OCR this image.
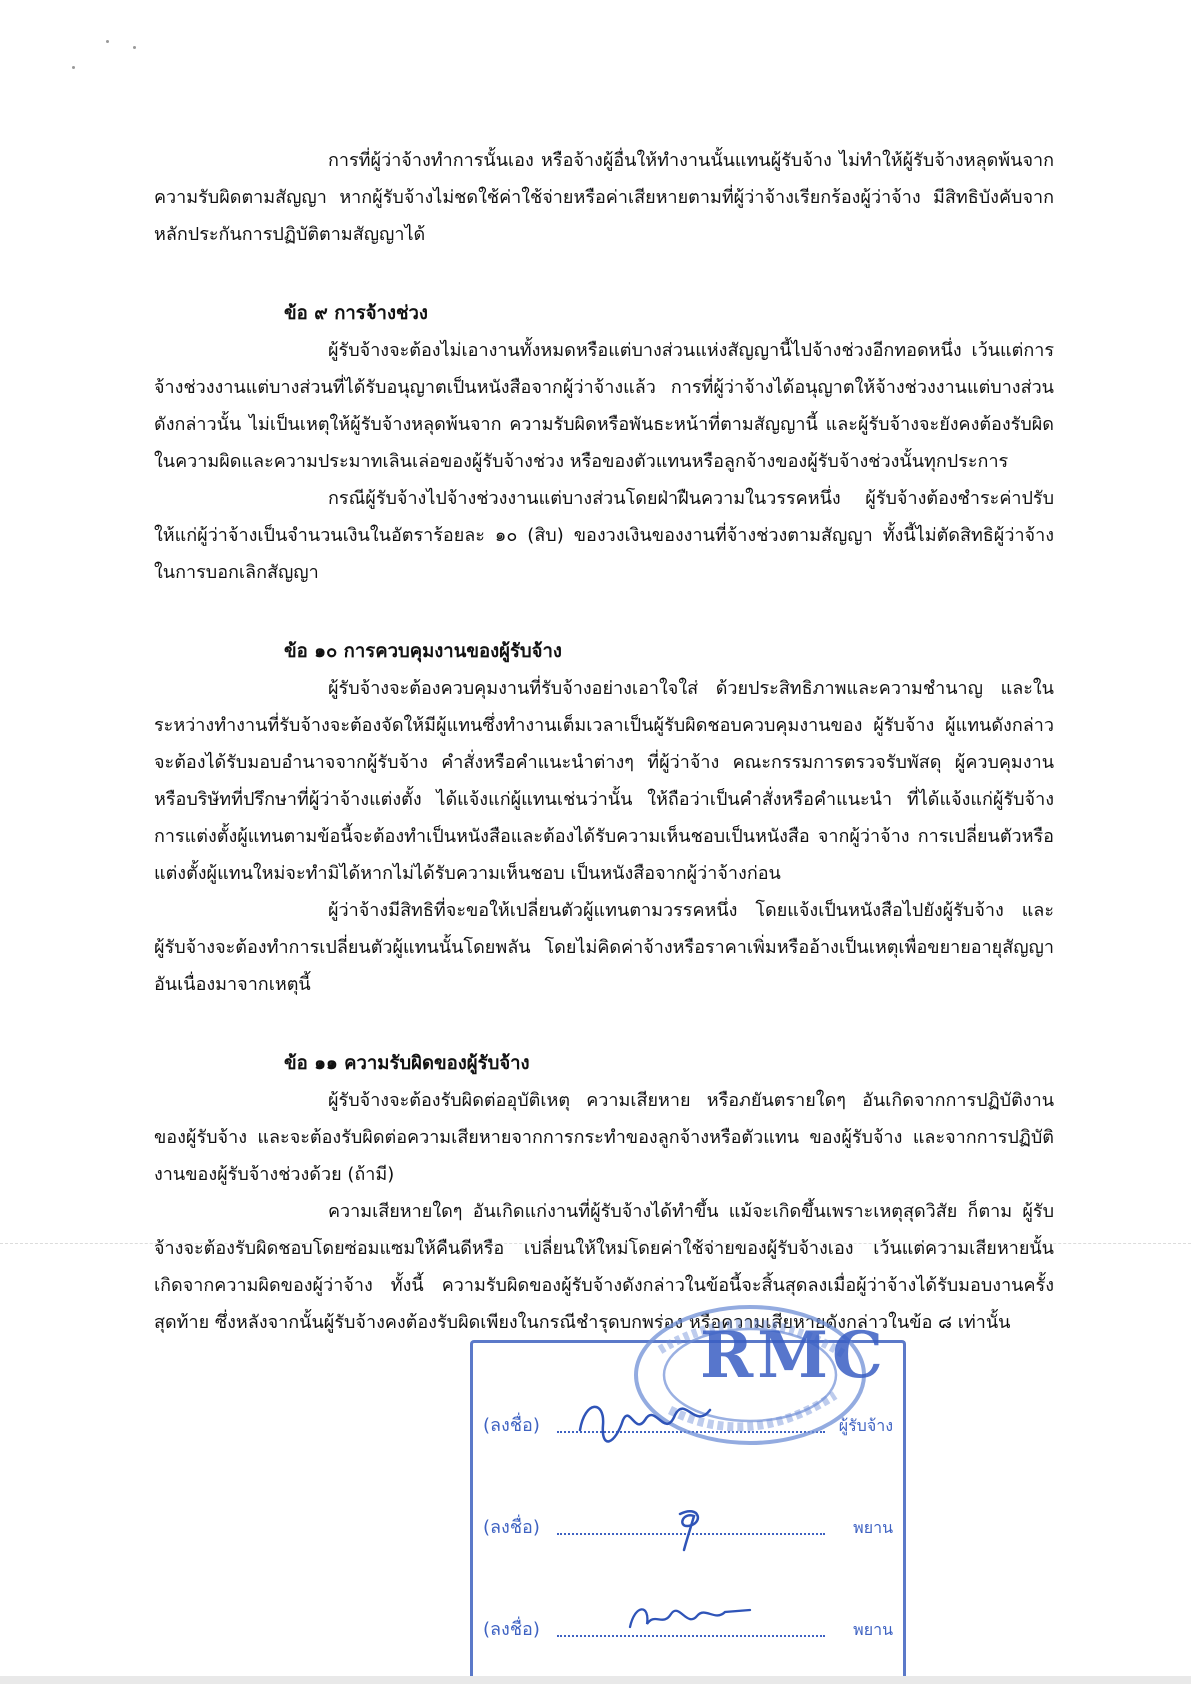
การที่ผู้ว่าจ้างทำการนั้นเอง หรือจ้างผู้อื่นให้ทำงานนั้นแทนผู้รับจ้าง ไม่ทำให้ผู้รับจ้างหลุดพ้นจากความรับผิดตามสัญญา หากผู้รับจ้างไม่ชดใช้ค่าใช้จ่ายหรือค่าเสียหายตามที่ผู้ว่าจ้างเรียกร้องผู้ว่าจ้าง มีสิทธิบังคับจากหลักประกันการปฏิบัติตามสัญญาได้

ข้อ ๙ การจ้างช่วง

ผู้รับจ้างจะต้องไม่เอางานทั้งหมดหรือแต่บางส่วนแห่งสัญญานี้ไปจ้างช่วงอีกทอดหนึ่ง เว้นแต่การจ้างช่วงงานแต่บางส่วนที่ได้รับอนุญาตเป็นหนังสือจากผู้ว่าจ้างแล้ว การที่ผู้ว่าจ้างได้อนุญาตให้จ้างช่วงงานแต่บางส่วนดังกล่าวนั้น ไม่เป็นเหตุให้ผู้รับจ้างหลุดพ้นจาก ความรับผิดหรือพันธะหน้าที่ตามสัญญานี้ และผู้รับจ้างจะยังคงต้องรับผิดในความผิดและความประมาทเลินเล่อของผู้รับจ้างช่วง หรือของตัวแทนหรือลูกจ้างของผู้รับจ้างช่วงนั้นทุกประการ

กรณีผู้รับจ้างไปจ้างช่วงงานแต่บางส่วนโดยฝ่าฝืนความในวรรคหนึ่ง ผู้รับจ้างต้องชำระค่าปรับให้แก่ผู้ว่าจ้างเป็นจำนวนเงินในอัตราร้อยละ ๑๐ (สิบ) ของวงเงินของงานที่จ้างช่วงตามสัญญา ทั้งนี้ไม่ตัดสิทธิผู้ว่าจ้างในการบอกเลิกสัญญา

ข้อ ๑๐ การควบคุมงานของผู้รับจ้าง

ผู้รับจ้างจะต้องควบคุมงานที่รับจ้างอย่างเอาใจใส่ ด้วยประสิทธิภาพและความชำนาญ และในระหว่างทำงานที่รับจ้างจะต้องจัดให้มีผู้แทนซึ่งทำงานเต็มเวลาเป็นผู้รับผิดชอบควบคุมงานของ ผู้รับจ้าง ผู้แทนดังกล่าวจะต้องได้รับมอบอำนาจจากผู้รับจ้าง คำสั่งหรือคำแนะนำต่างๆ ที่ผู้ว่าจ้าง คณะกรรมการตรวจรับพัสดุ ผู้ควบคุมงาน หรือบริษัทที่ปรึกษาที่ผู้ว่าจ้างแต่งตั้ง ได้แจ้งแก่ผู้แทนเช่นว่านั้น ให้ถือว่าเป็นคำสั่งหรือคำแนะนำ ที่ได้แจ้งแก่ผู้รับจ้าง การแต่งตั้งผู้แทนตามข้อนี้จะต้องทำเป็นหนังสือและต้องได้รับความเห็นชอบเป็นหนังสือ จากผู้ว่าจ้าง การเปลี่ยนตัวหรือแต่งตั้งผู้แทนใหม่จะทำมิได้หากไม่ได้รับความเห็นชอบ เป็นหนังสือจากผู้ว่าจ้างก่อน

ผู้ว่าจ้างมีสิทธิที่จะขอให้เปลี่ยนตัวผู้แทนตามวรรคหนึ่ง โดยแจ้งเป็นหนังสือไปยังผู้รับจ้าง และผู้รับจ้างจะต้องทำการเปลี่ยนตัวผู้แทนนั้นโดยพลัน โดยไม่คิดค่าจ้างหรือราคาเพิ่มหรืออ้างเป็นเหตุเพื่อขยายอายุสัญญาอันเนื่องมาจากเหตุนี้

ข้อ ๑๑ ความรับผิดของผู้รับจ้าง

ผู้รับจ้างจะต้องรับผิดต่ออุบัติเหตุ ความเสียหาย หรือภยันตรายใดๆ อันเกิดจากการปฏิบัติงานของผู้รับจ้าง และจะต้องรับผิดต่อความเสียหายจากการกระทำของลูกจ้างหรือตัวแทน ของผู้รับจ้าง และจากการปฏิบัติงานของผู้รับจ้างช่วงด้วย (ถ้ามี)

ความเสียหายใดๆ อันเกิดแก่งานที่ผู้รับจ้างได้ทำขึ้น แม้จะเกิดขึ้นเพราะเหตุสุดวิสัย ก็ตาม ผู้รับจ้างจะต้องรับผิดชอบโดยซ่อมแซมให้คืนดีหรือ เปลี่ยนให้ใหม่โดยค่าใช้จ่ายของผู้รับจ้างเอง เว้นแต่ความเสียหายนั้นเกิดจากความผิดของผู้ว่าจ้าง ทั้งนี้ ความรับผิดของผู้รับจ้างดังกล่าวในข้อนี้จะสิ้นสุดลงเมื่อผู้ว่าจ้างได้รับมอบงานครั้งสุดท้าย ซึ่งหลังจากนั้นผู้รับจ้างคงต้องรับผิดเพียงในกรณีชำรุดบกพร่อง หรือความเสียหายดังกล่าวในข้อ ๘ เท่านั้น

(ลงชื่อ)	ผู้รับจ้าง
(ลงชื่อ)	พยาน
(ลงชื่อ)	พยาน
RMC
